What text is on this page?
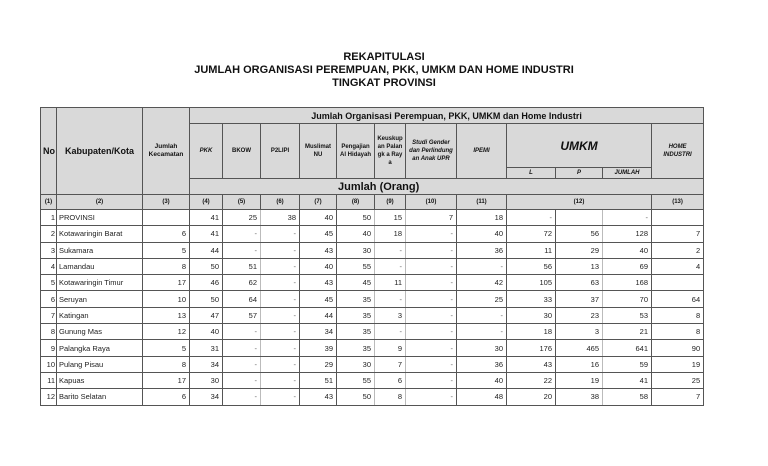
REKAPITULASI
JUMLAH ORGANISASI PEREMPUAN, PKK, UMKM DAN HOME INDUSTRI
TINGKAT PROVINSI
No	Kabupaten/Kota	Jumlah Kecamatan	Jumlah Organisasi Perempuan, PKK, UMKM dan Home Industri											
			PKK	BKOW	P2LIPI	Muslimat NU	Pengajian Al Hidayah	Keuskup an Palangk a Raya	Studi Gender dan Perlindung an Anak UPR	IPEMI	UMKM			HOME INDUSTRI
											L	P	JUMLAH	
			Jumlah (Orang)											
(1)	(2)	(3)	(4)	(5)	(6)	(7)	(8)	(9)	(10)	(11)	(12)			(13)
1	PROVINSI		41	25	38	40	50	15	7	18	-		-	
2	Kotawaringin Barat	6	41	-	-	45	40	18	-	40	72	56	128	7
3	Sukamara	5	44	-	-	43	30	-	-	36	11	29	40	2
4	Lamandau	8	50	51	-	40	55	-	-	-	56	13	69	4
5	Kotawaringin Timur	17	46	62	-	43	45	11	-	42	105	63	168	
6	Seruyan	10	50	64	-	45	35	-	-	25	33	37	70	64
7	Katingan	13	47	57	-	44	35	3	-	-	30	23	53	8
8	Gunung Mas	12	40	-	-	34	35	-	-	-	18	3	21	8
9	Palangka Raya	5	31	-	-	39	35	9	-	30	176	465	641	90
10	Pulang Pisau	8	34	-	-	29	30	7	-	36	43	16	59	19
11	Kapuas	17	30	-	-	51	55	6	-	40	22	19	41	25
12	Barito Selatan	6	34	-	-	43	50	8	-	48	20	38	58	7
